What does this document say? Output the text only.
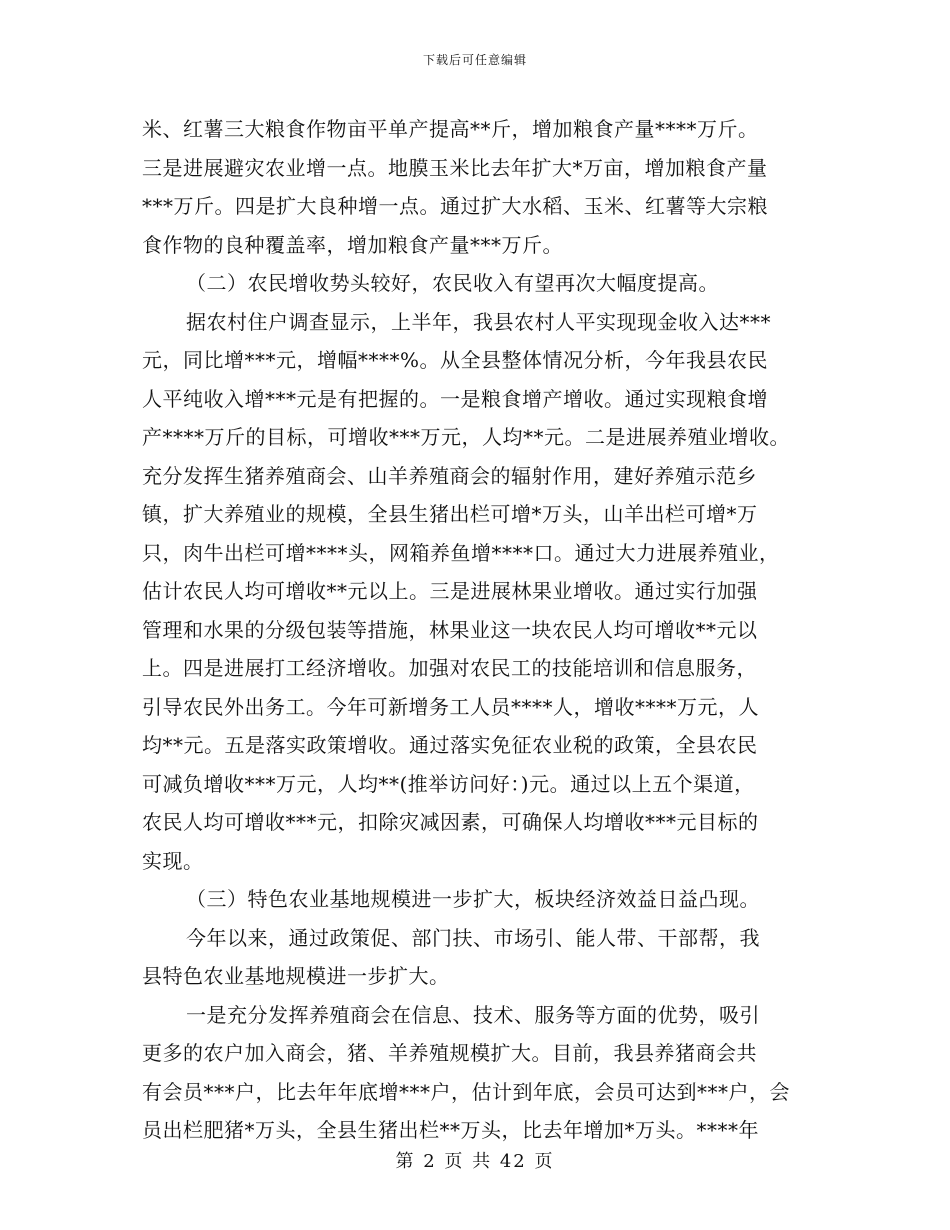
下载后可任意编辑
米、红薯三大粮食作物亩平单产提高**斤，增加粮食产量****万斤。
三是进展避灾农业增一点。地膜玉米比去年扩大*万亩，增加粮食产量
***万斤。四是扩大良种增一点。通过扩大水稻、玉米、红薯等大宗粮
食作物的良种覆盖率，增加粮食产量***万斤。
（二）农民增收势头较好，农民收入有望再次大幅度提高。
据农村住户调查显示，上半年，我县农村人平实现现金收入达***
元，同比增***元，增幅****%。从全县整体情况分析，今年我县农民
人平纯收入增***元是有把握的。一是粮食增产增收。通过实现粮食增
产****万斤的目标，可增收***万元，人均**元。二是进展养殖业增收。
充分发挥生猪养殖商会、山羊养殖商会的辐射作用，建好养殖示范乡
镇，扩大养殖业的规模，全县生猪出栏可增*万头，山羊出栏可增*万
只，肉牛出栏可增****头，网箱养鱼增****口。通过大力进展养殖业，
估计农民人均可增收**元以上。三是进展林果业增收。通过实行加强
管理和水果的分级包装等措施，林果业这一块农民人均可增收**元以
上。四是进展打工经济增收。加强对农民工的技能培训和信息服务，
引导农民外出务工。今年可新增务工人员****人，增收****万元，人
均**元。五是落实政策增收。通过落实免征农业税的政策，全县农民
可减负增收***万元，人均**(推举访问好：)元。通过以上五个渠道，
农民人均可增收***元，扣除灾减因素，可确保人均增收***元目标的
实现。
（三）特色农业基地规模进一步扩大，板块经济效益日益凸现。
今年以来，通过政策促、部门扶、市场引、能人带、干部帮，我
县特色农业基地规模进一步扩大。
一是充分发挥养殖商会在信息、技术、服务等方面的优势，吸引
更多的农户加入商会，猪、羊养殖规模扩大。目前，我县养猪商会共
有会员***户，比去年年底增***户，估计到年底，会员可达到***户，会
员出栏肥猪*万头，全县生猪出栏**万头，比去年增加*万头。****年
第 2 页 共 42 页
